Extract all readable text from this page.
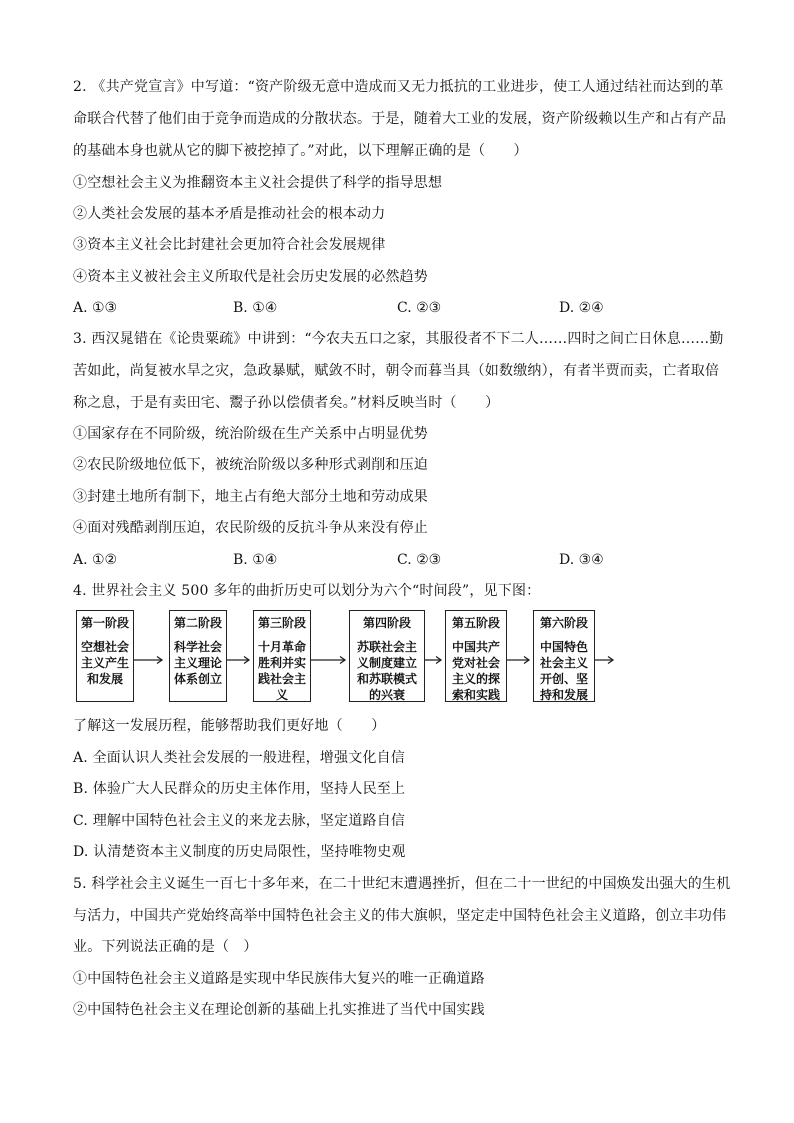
2. 《共产党宣言》中写道：“资产阶级无意中造成而又无力抵抗的工业进步，使工人通过结社而达到的革
命联合代替了他们由于竞争而造成的分散状态。于是，随着大工业的发展，资产阶级赖以生产和占有产品
的基础本身也就从它的脚下被挖掉了。”对此，以下理解正确的是（　　）
①空想社会主义为推翻资本主义社会提供了科学的指导思想
②人类社会发展的基本矛盾是推动社会的根本动力
③资本主义社会比封建社会更加符合社会发展规律
④资本主义被社会主义所取代是社会历史发展的必然趋势
A. ①③	B. ①④	C. ②③	D. ②④
3. 西汉晁错在《论贵粟疏》中讲到：“今农夫五口之家，其服役者不下二人……四时之间亡日休息……勤
苦如此，尚复被水旱之灾，急政暴赋，赋敛不时，朝令而暮当具（如数缴纳），有者半贾而卖，亡者取倍
称之息，于是有卖田宅、鬻子孙以偿债者矣。”材料反映当时（　　）
①国家存在不同阶级，统治阶级在生产关系中占明显优势
②农民阶级地位低下，被统治阶级以多种形式剥削和压迫
③封建土地所有制下，地主占有绝大部分土地和劳动成果
④面对残酷剥削压迫，农民阶级的反抗斗争从来没有停止
A. ①②	B. ①④	C. ②③	D. ③④
4. 世界社会主义 500 多年的曲折历史可以划分为六个“时间段”，见下图：
第一阶段
空想社会主义产生和发展
第二阶段
科学社会主义理论体系创立
第三阶段
十月革命胜利并实践社会主义
第四阶段
苏联社会主义制度建立和苏联模式的兴衰
第五阶段
中国共产党对社会主义的探索和实践
第六阶段
中国特色社会主义开创、坚持和发展
了解这一发展历程，能够帮助我们更好地（　　）
A. 全面认识人类社会发展的一般进程，增强文化自信
B. 体验广大人民群众的历史主体作用，坚持人民至上
C. 理解中国特色社会主义的来龙去脉，坚定道路自信
D. 认清楚资本主义制度的历史局限性，坚持唯物史观
5. 科学社会主义诞生一百七十多年来，在二十世纪末遭遇挫折，但在二十一世纪的中国焕发出强大的生机
与活力，中国共产党始终高举中国特色社会主义的伟大旗帜，坚定走中国特色社会主义道路，创立丰功伟
业。下列说法正确的是（　）
①中国特色社会主义道路是实现中华民族伟大复兴的唯一正确道路
②中国特色社会主义在理论创新的基础上扎实推进了当代中国实践
